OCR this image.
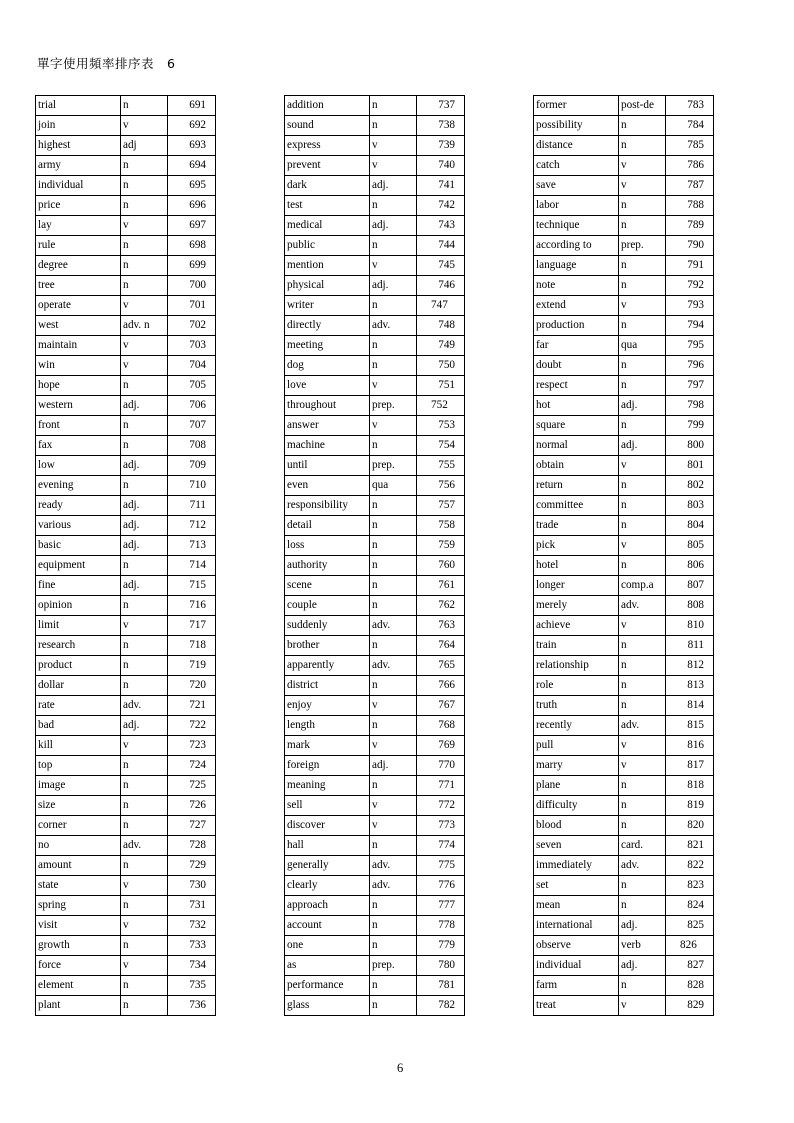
單字使用頻率排序表　6
trial	n	691
join	v	692
highest	adj	693
army	n	694
individual	n	695
price	n	696
lay	v	697
rule	n	698
degree	n	699
tree	n	700
operate	v	701
west	adv. n	702
maintain	v	703
win	v	704
hope	n	705
western	adj.	706
front	n	707
fax	n	708
low	adj.	709
evening	n	710
ready	adj.	711
various	adj.	712
basic	adj.	713
equipment	n	714
fine	adj.	715
opinion	n	716
limit	v	717
research	n	718
product	n	719
dollar	n	720
rate	adv.	721
bad	adj.	722
kill	v	723
top	n	724
image	n	725
size	n	726
corner	n	727
no	adv.	728
amount	n	729
state	v	730
spring	n	731
visit	v	732
growth	n	733
force	v	734
element	n	735
plant	n	736
addition	n	737
sound	n	738
express	v	739
prevent	v	740
dark	adj.	741
test	n	742
medical	adj.	743
public	n	744
mention	v	745
physical	adj.	746
writer	n	747
directly	adv.	748
meeting	n	749
dog	n	750
love	v	751
throughout	prep.	752
answer	v	753
machine	n	754
until	prep.	755
even	qua	756
responsibility	n	757
detail	n	758
loss	n	759
authority	n	760
scene	n	761
couple	n	762
suddenly	adv.	763
brother	n	764
apparently	adv.	765
district	n	766
enjoy	v	767
length	n	768
mark	v	769
foreign	adj.	770
meaning	n	771
sell	v	772
discover	v	773
hall	n	774
generally	adv.	775
clearly	adv.	776
approach	n	777
account	n	778
one	n	779
as	prep.	780
performance	n	781
glass	n	782
former	post-de	783
possibility	n	784
distance	n	785
catch	v	786
save	v	787
labor	n	788
technique	n	789
according to	prep.	790
language	n	791
note	n	792
extend	v	793
production	n	794
far	qua	795
doubt	n	796
respect	n	797
hot	adj.	798
square	n	799
normal	adj.	800
obtain	v	801
return	n	802
committee	n	803
trade	n	804
pick	v	805
hotel	n	806
longer	comp.a	807
merely	adv.	808
achieve	v	810
train	n	811
relationship	n	812
role	n	813
truth	n	814
recently	adv.	815
pull	v	816
marry	v	817
plane	n	818
difficulty	n	819
blood	n	820
seven	card.	821
immediately	adv.	822
set	n	823
mean	n	824
international	adj.	825
observe	verb	826
individual	adj.	827
farm	n	828
treat	v	829
6
